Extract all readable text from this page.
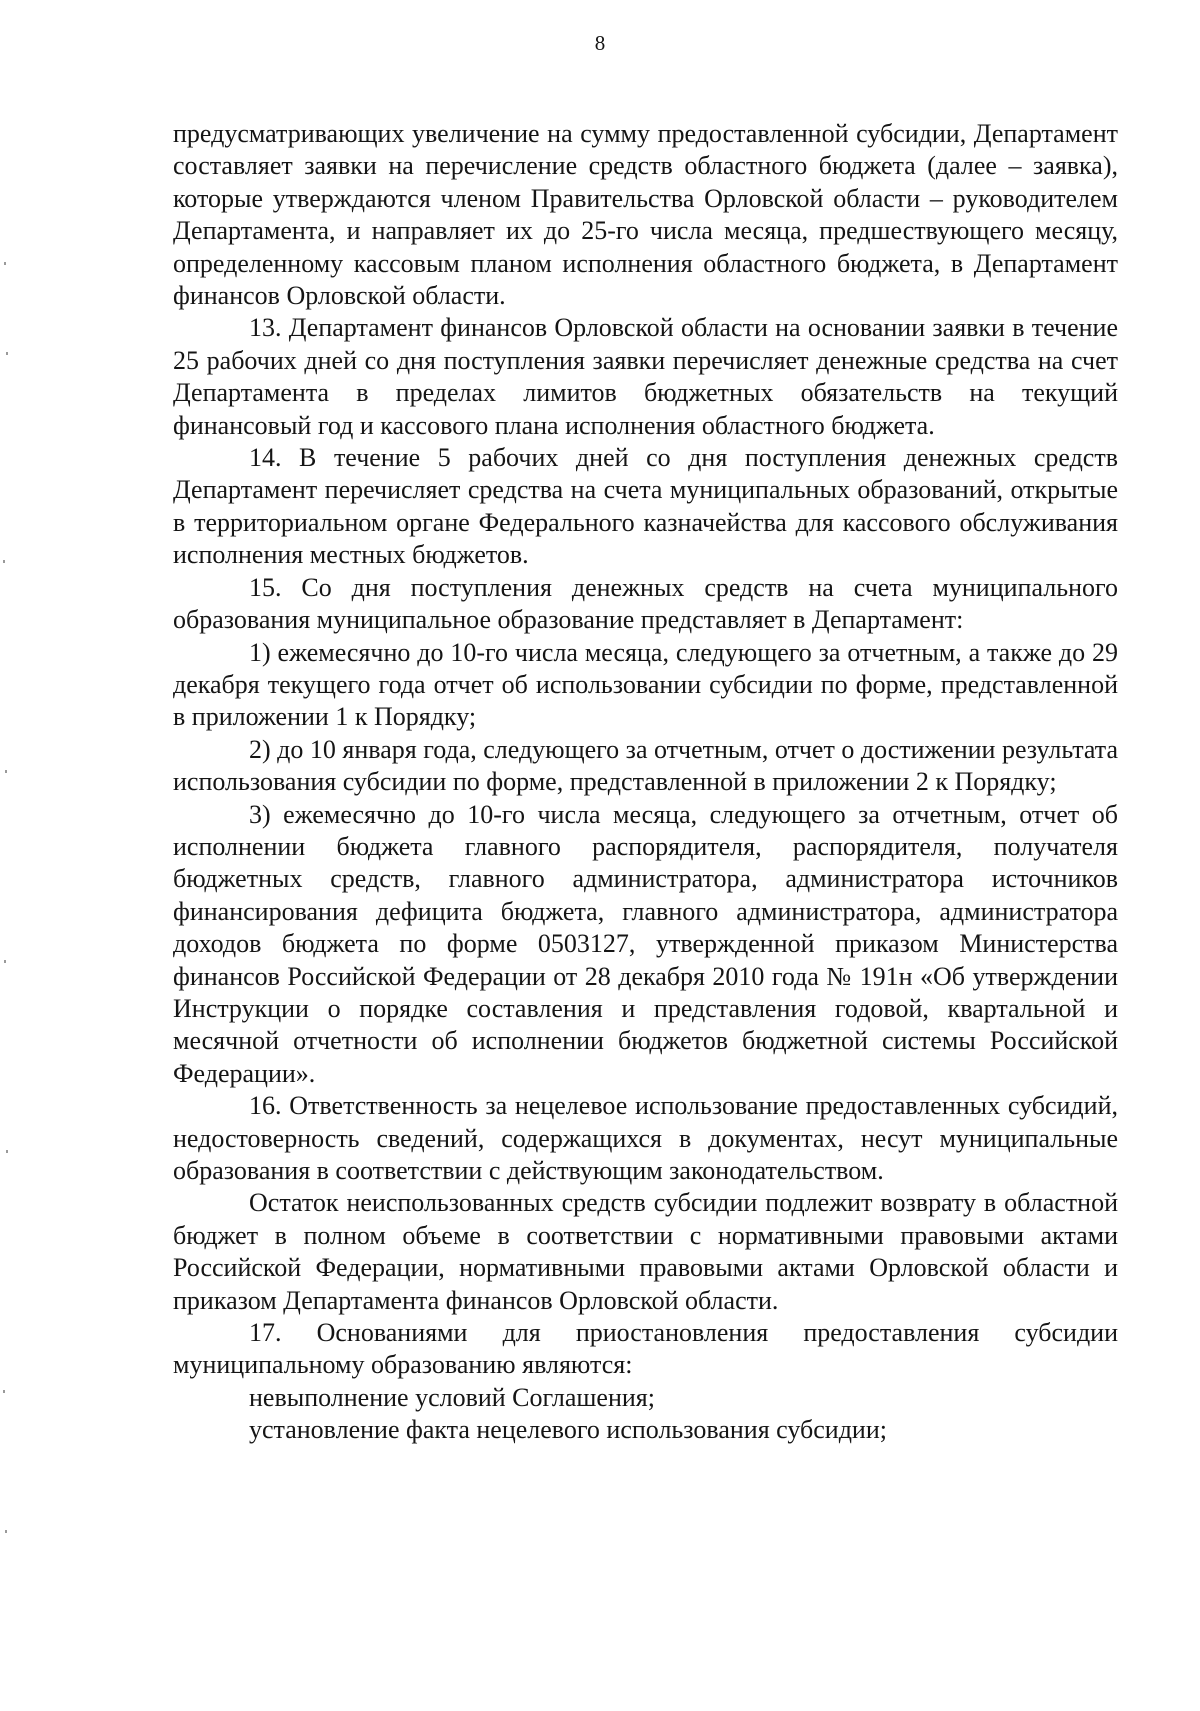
8

предусматривающих увеличение на сумму предоставленной субсидии, Департамент составляет заявки на перечисление средств областного бюджета (далее – заявка), которые утверждаются членом Правительства Орловской области – руководителем Департамента, и направляет их до 25-го числа месяца, предшествующего месяцу, определенному кассовым планом исполнения областного бюджета, в Департамент финансов Орловской области.

13. Департамент финансов Орловской области на основании заявки в течение 25 рабочих дней со дня поступления заявки перечисляет денежные средства на счет Департамента в пределах лимитов бюджетных обязательств на текущий финансовый год и кассового плана исполнения областного бюджета.

14. В течение 5 рабочих дней со дня поступления денежных средств Департамент перечисляет средства на счета муниципальных образований, открытые в территориальном органе Федерального казначейства для кассового обслуживания исполнения местных бюджетов.

15. Со дня поступления денежных средств на счета муниципального образования муниципальное образование представляет в Департамент:

1) ежемесячно до 10-го числа месяца, следующего за отчетным, а также до 29 декабря текущего года отчет об использовании субсидии по форме, представленной в приложении 1 к Порядку;

2) до 10 января года, следующего за отчетным, отчет о достижении результата использования субсидии по форме, представленной в приложении 2 к Порядку;

3) ежемесячно до 10-го числа месяца, следующего за отчетным, отчет об исполнении бюджета главного распорядителя, распорядителя, получателя бюджетных средств, главного администратора, администратора источников финансирования дефицита бюджета, главного администратора, администратора доходов бюджета по форме 0503127, утвержденной приказом Министерства финансов Российской Федерации от 28 декабря 2010 года № 191н «Об утверждении Инструкции о порядке составления и представления годовой, квартальной и месячной отчетности об исполнении бюджетов бюджетной системы Российской Федерации».

16. Ответственность за нецелевое использование предоставленных субсидий, недостоверность сведений, содержащихся в документах, несут муниципальные образования в соответствии с действующим законодательством.

Остаток неиспользованных средств субсидии подлежит возврату в областной бюджет в полном объеме в соответствии с нормативными правовыми актами Российской Федерации, нормативными правовыми актами Орловской области и приказом Департамента финансов Орловской области.

17. Основаниями для приостановления предоставления субсидии муниципальному образованию являются:

невыполнение условий Соглашения;

установление факта нецелевого использования субсидии;
